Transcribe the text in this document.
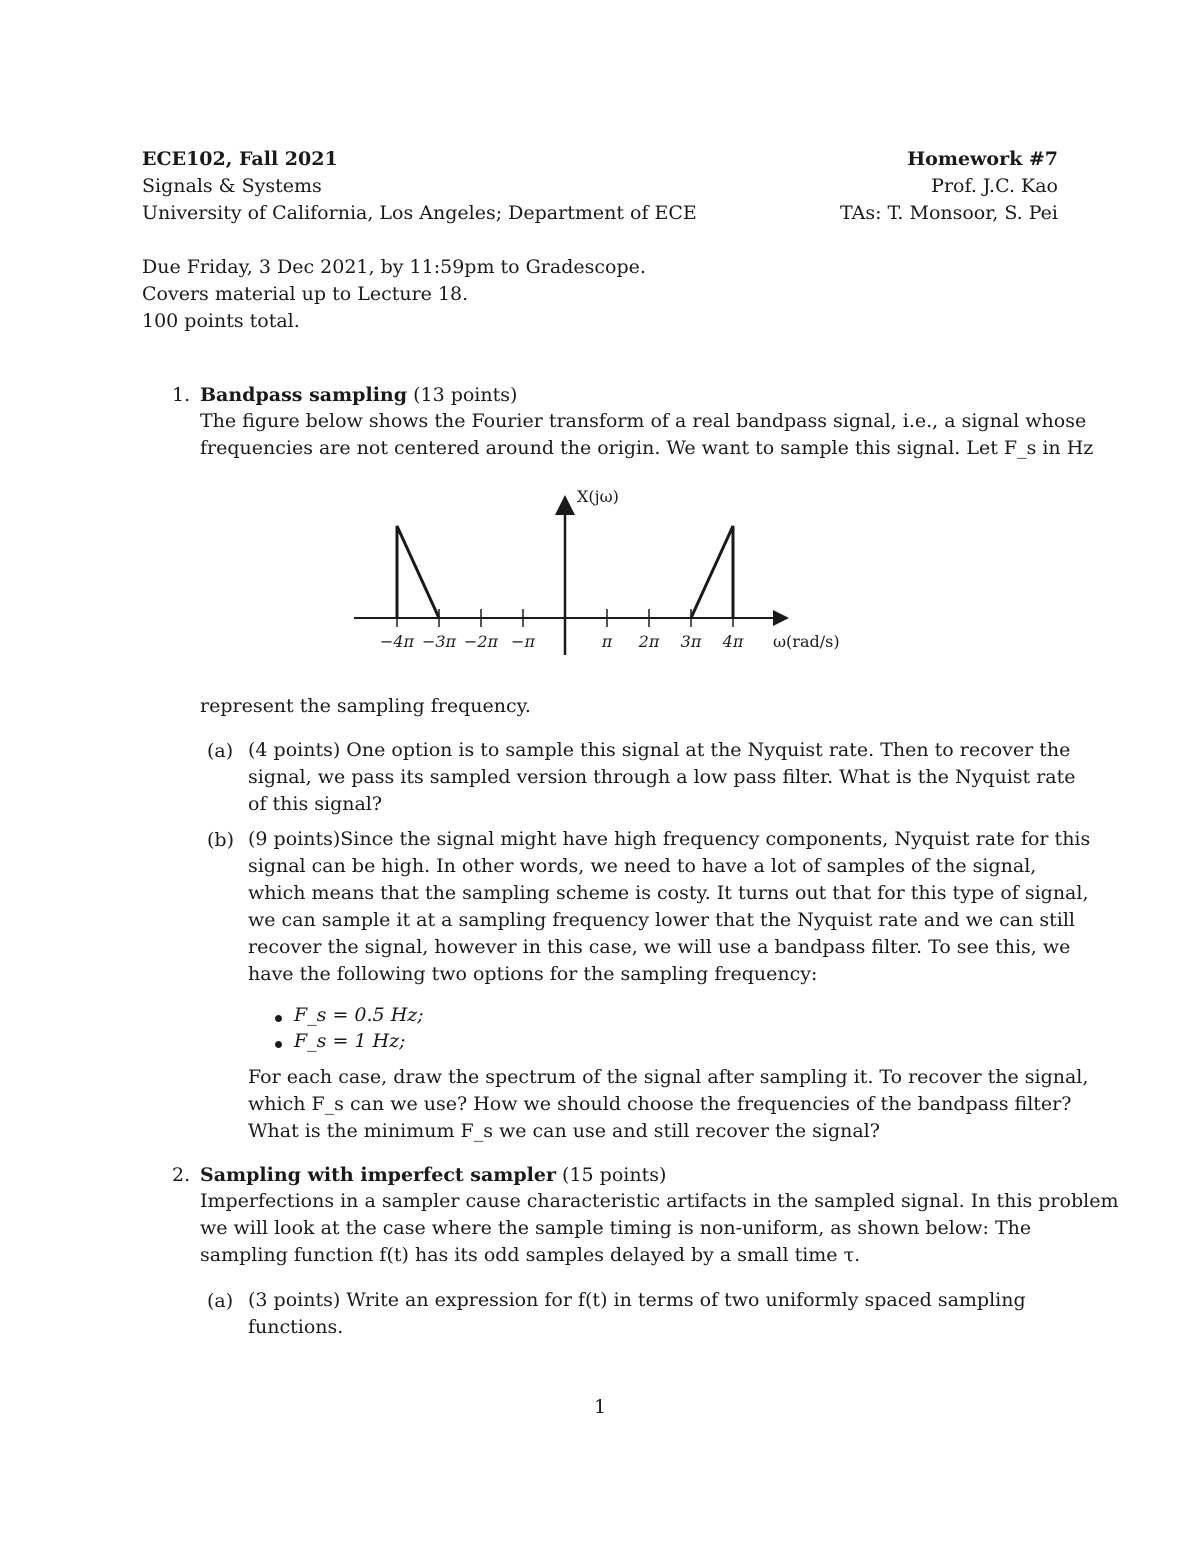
ECE102, Fall 2021
Signals & Systems
University of California, Los Angeles; Department of ECE
Homework #7
Prof. J.C. Kao
TAs: T. Monsoor, S. Pei
Due Friday, 3 Dec 2021, by 11:59pm to Gradescope.
Covers material up to Lecture 18.
100 points total.
1. Bandpass sampling (13 points)
The figure below shows the Fourier transform of a real bandpass signal, i.e., a signal whose
frequencies are not centered around the origin. We want to sample this signal. Let F_s in Hz
X(jω)
ω(rad/s)
−4π −3π −2π −π	π 2π 3π 4π
represent the sampling frequency.
(a) (4 points) One option is to sample this signal at the Nyquist rate. Then to recover the
signal, we pass its sampled version through a low pass filter. What is the Nyquist rate
of this signal?
(b) (9 points)Since the signal might have high frequency components, Nyquist rate for this
signal can be high. In other words, we need to have a lot of samples of the signal,
which means that the sampling scheme is costy. It turns out that for this type of signal,
we can sample it at a sampling frequency lower that the Nyquist rate and we can still
recover the signal, however in this case, we will use a bandpass filter. To see this, we
have the following two options for the sampling frequency:
F_s = 0.5 Hz;
F_s = 1 Hz;
For each case, draw the spectrum of the signal after sampling it. To recover the signal,
which F_s can we use? How we should choose the frequencies of the bandpass filter?
What is the minimum F_s we can use and still recover the signal?
2. Sampling with imperfect sampler (15 points)
Imperfections in a sampler cause characteristic artifacts in the sampled signal. In this problem
we will look at the case where the sample timing is non-uniform, as shown below: The
sampling function f(t) has its odd samples delayed by a small time τ.
(a) (3 points) Write an expression for f(t) in terms of two uniformly spaced sampling
functions.
1
